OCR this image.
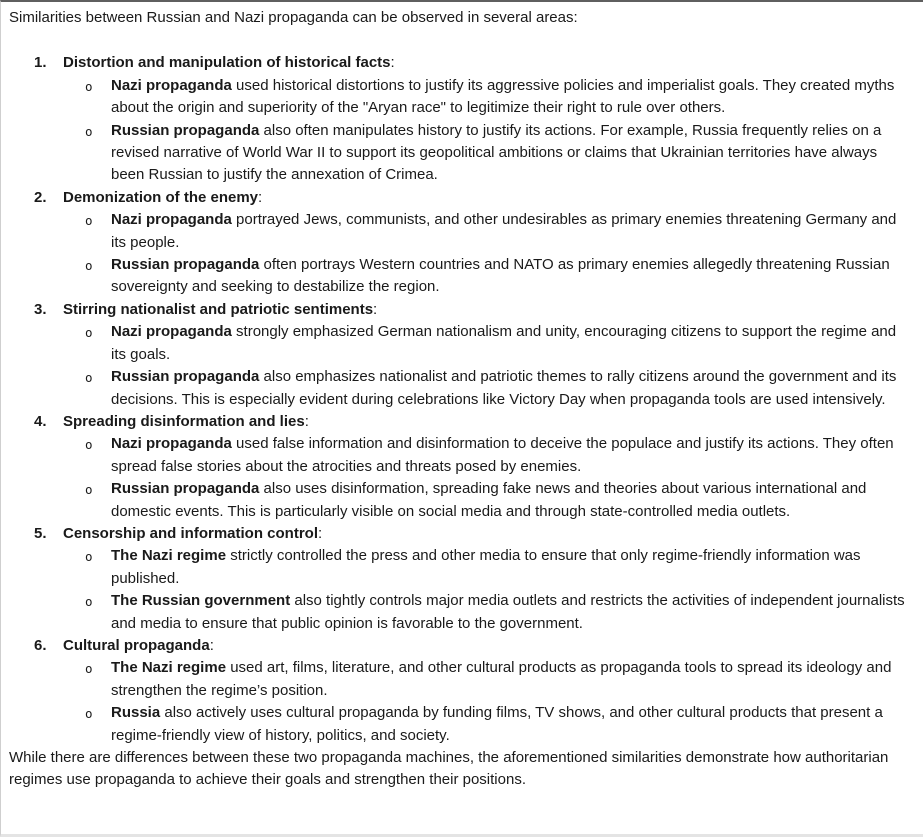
Similarities between Russian and Nazi propaganda can be observed in several areas:

1.	Distortion and manipulation of historical facts:
o Nazi propaganda used historical distortions to justify its aggressive policies and imperialist goals. They created myths about the origin and superiority of the "Aryan race" to legitimize their right to rule over others.
o Russian propaganda also often manipulates history to justify its actions. For example, Russia frequently relies on a revised narrative of World War II to support its geopolitical ambitions or claims that Ukrainian territories have always been Russian to justify the annexation of Crimea.
2.	Demonization of the enemy:
o Nazi propaganda portrayed Jews, communists, and other undesirables as primary enemies threatening Germany and its people.
o Russian propaganda often portrays Western countries and NATO as primary enemies allegedly threatening Russian sovereignty and seeking to destabilize the region.
3.	Stirring nationalist and patriotic sentiments:
o Nazi propaganda strongly emphasized German nationalism and unity, encouraging citizens to support the regime and its goals.
o Russian propaganda also emphasizes nationalist and patriotic themes to rally citizens around the government and its decisions. This is especially evident during celebrations like Victory Day when propaganda tools are used intensively.
4.	Spreading disinformation and lies:
o Nazi propaganda used false information and disinformation to deceive the populace and justify its actions. They often spread false stories about the atrocities and threats posed by enemies.
o Russian propaganda also uses disinformation, spreading fake news and theories about various international and domestic events. This is particularly visible on social media and through state-controlled media outlets.
5.	Censorship and information control:
o The Nazi regime strictly controlled the press and other media to ensure that only regime-friendly information was published.
o The Russian government also tightly controls major media outlets and restricts the activities of independent journalists and media to ensure that public opinion is favorable to the government.
6.	Cultural propaganda:
o The Nazi regime used art, films, literature, and other cultural products as propaganda tools to spread its ideology and strengthen the regime’s position.
o Russia also actively uses cultural propaganda by funding films, TV shows, and other cultural products that present a regime-friendly view of history, politics, and society.

While there are differences between these two propaganda machines, the aforementioned similarities demonstrate how authoritarian regimes use propaganda to achieve their goals and strengthen their positions.
